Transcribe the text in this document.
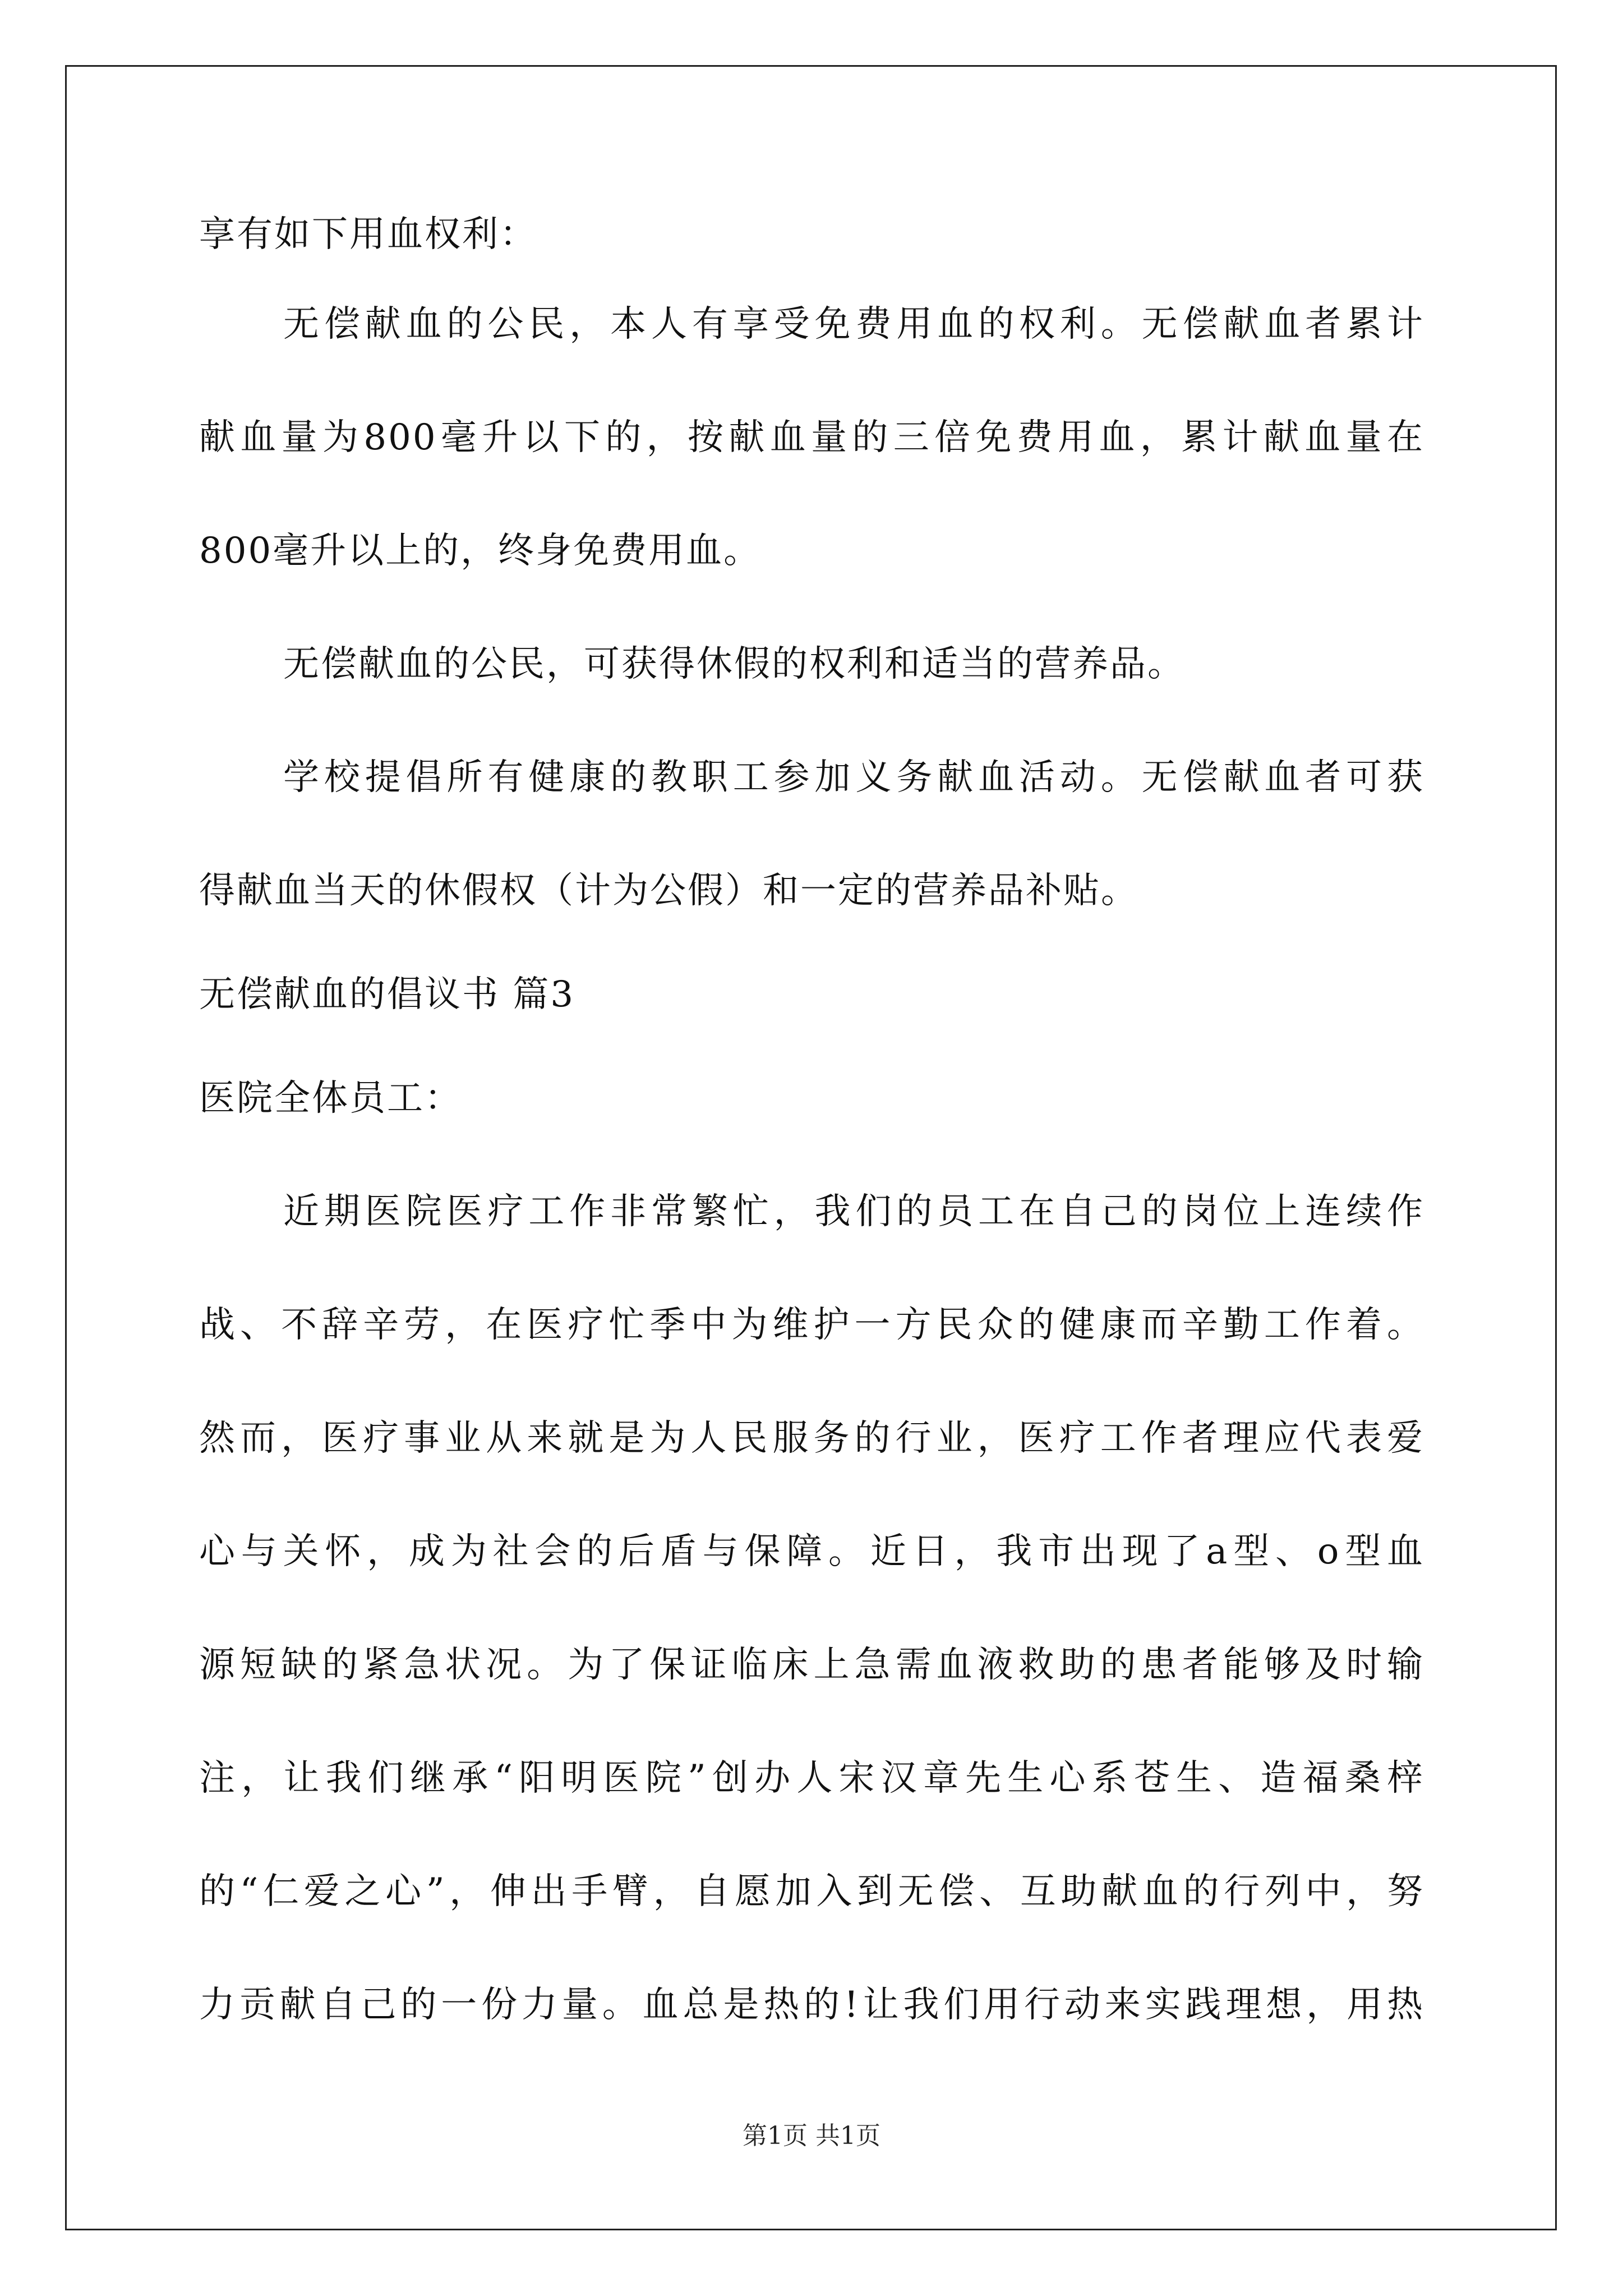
享有如下用血权利：
无偿献血的公民，本人有享受免费用血的权利。无偿献血者累计
献血量为800毫升以下的，按献血量的三倍免费用血，累计献血量在
800毫升以上的，终身免费用血。
无偿献血的公民，可获得休假的权利和适当的营养品。
学校提倡所有健康的教职工参加义务献血活动。无偿献血者可获
得献血当天的休假权（计为公假）和一定的营养品补贴。
无偿献血的倡议书 篇3
医院全体员工：
近期医院医疗工作非常繁忙，我们的员工在自己的岗位上连续作
战、不辞辛劳，在医疗忙季中为维护一方民众的健康而辛勤工作着。
然而，医疗事业从来就是为人民服务的行业，医疗工作者理应代表爱
心与关怀，成为社会的后盾与保障。近日，我市出现了a型、o型血
源短缺的紧急状况。为了保证临床上急需血液救助的患者能够及时输
注，让我们继承“阳明医院”创办人宋汉章先生心系苍生、造福桑梓
的“仁爱之心”，伸出手臂，自愿加入到无偿、互助献血的行列中，努
力贡献自己的一份力量。血总是热的!让我们用行动来实践理想，用热
第1页 共1页
